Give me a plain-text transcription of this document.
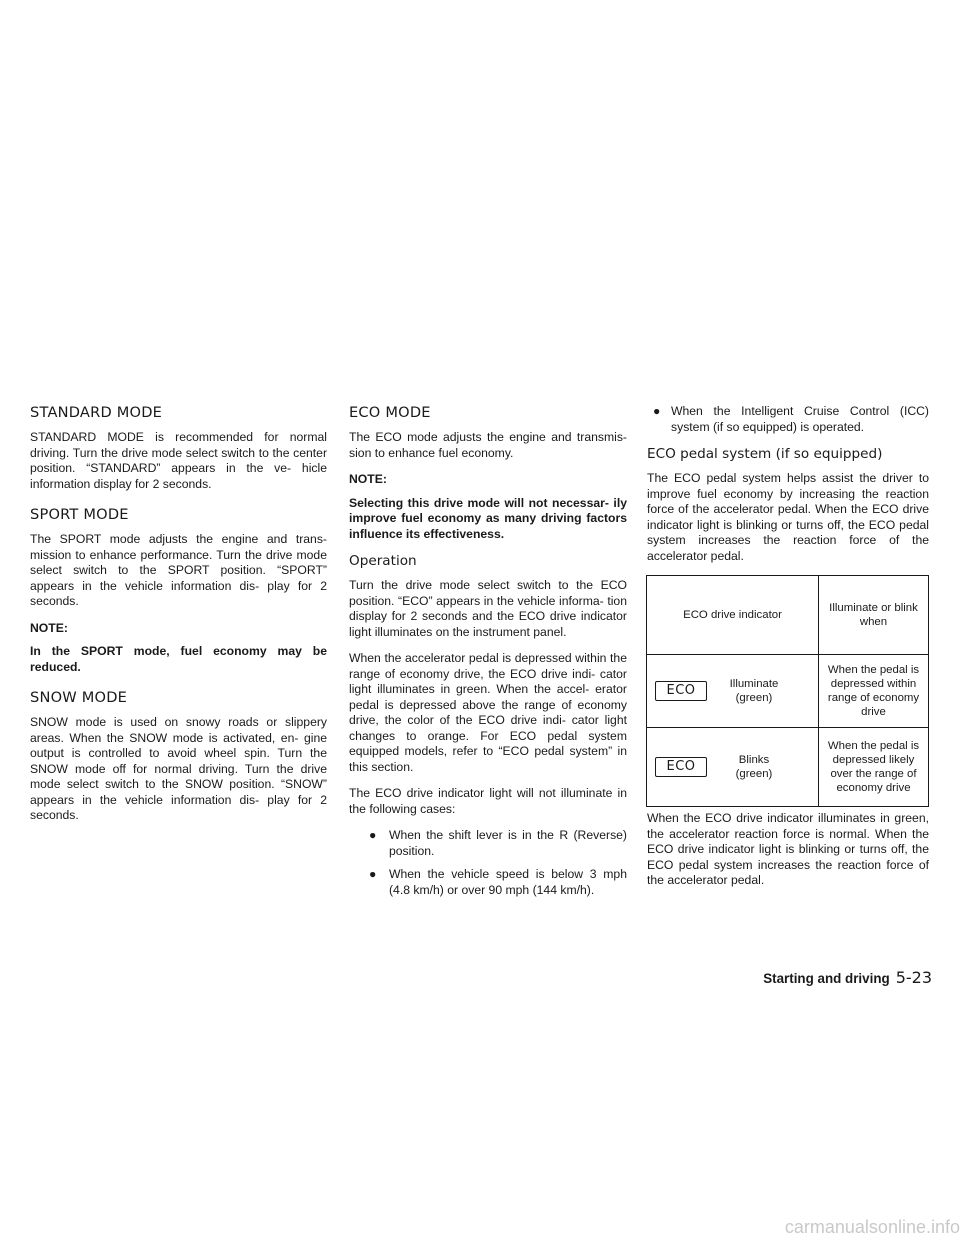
STANDARD MODE

STANDARD MODE is recommended for normal driving. Turn the drive mode select switch to the center position. “STANDARD” appears in the ve- hicle information display for 2 seconds.

SPORT MODE

The SPORT mode adjusts the engine and trans- mission to enhance performance. Turn the drive mode select switch to the SPORT position. “SPORT” appears in the vehicle information dis- play for 2 seconds.

NOTE:

In the SPORT mode, fuel economy may be reduced.

SNOW MODE

SNOW mode is used on snowy roads or slippery areas. When the SNOW mode is activated, en- gine output is controlled to avoid wheel spin. Turn the SNOW mode off for normal driving. Turn the drive mode select switch to the SNOW position. “SNOW” appears in the vehicle information dis- play for 2 seconds.

ECO MODE

The ECO mode adjusts the engine and transmis- sion to enhance fuel economy.

NOTE:

Selecting this drive mode will not necessar- ily improve fuel economy as many driving factors influence its effectiveness.

Operation

Turn the drive mode select switch to the ECO position. “ECO” appears in the vehicle informa- tion display for 2 seconds and the ECO drive indicator light illuminates on the instrument panel.

When the accelerator pedal is depressed within the range of economy drive, the ECO drive indi- cator light illuminates in green. When the accel- erator pedal is depressed above the range of economy drive, the color of the ECO drive indi- cator light changes to orange. For ECO pedal system equipped models, refer to “ECO pedal system” in this section.

The ECO drive indicator light will not illuminate in the following cases:

● When the shift lever is in the R (Reverse) position.
● When the vehicle speed is below 3 mph (4.8 km/h) or over 90 mph (144 km/h).
● When the Intelligent Cruise Control (ICC) system (if so equipped) is operated.
ECO pedal system (if so equipped)

The ECO pedal system helps assist the driver to improve fuel economy by increasing the reaction force of the accelerator pedal. When the ECO drive indicator light is blinking or turns off, the ECO pedal system increases the reaction force of the accelerator pedal.

ECO drive indicator	Illuminate or blink when

ECO Illuminate (green)	When the pedal is depressed within range of economy drive

ECO Blinks (green)	When the pedal is depressed likely over the range of economy drive

When the ECO drive indicator illuminates in green, the accelerator reaction force is normal. When the ECO drive indicator light is blinking or turns off, the ECO pedal system increases the reaction force of the accelerator pedal.

Starting and driving 5-23
carmanualsonline.info
